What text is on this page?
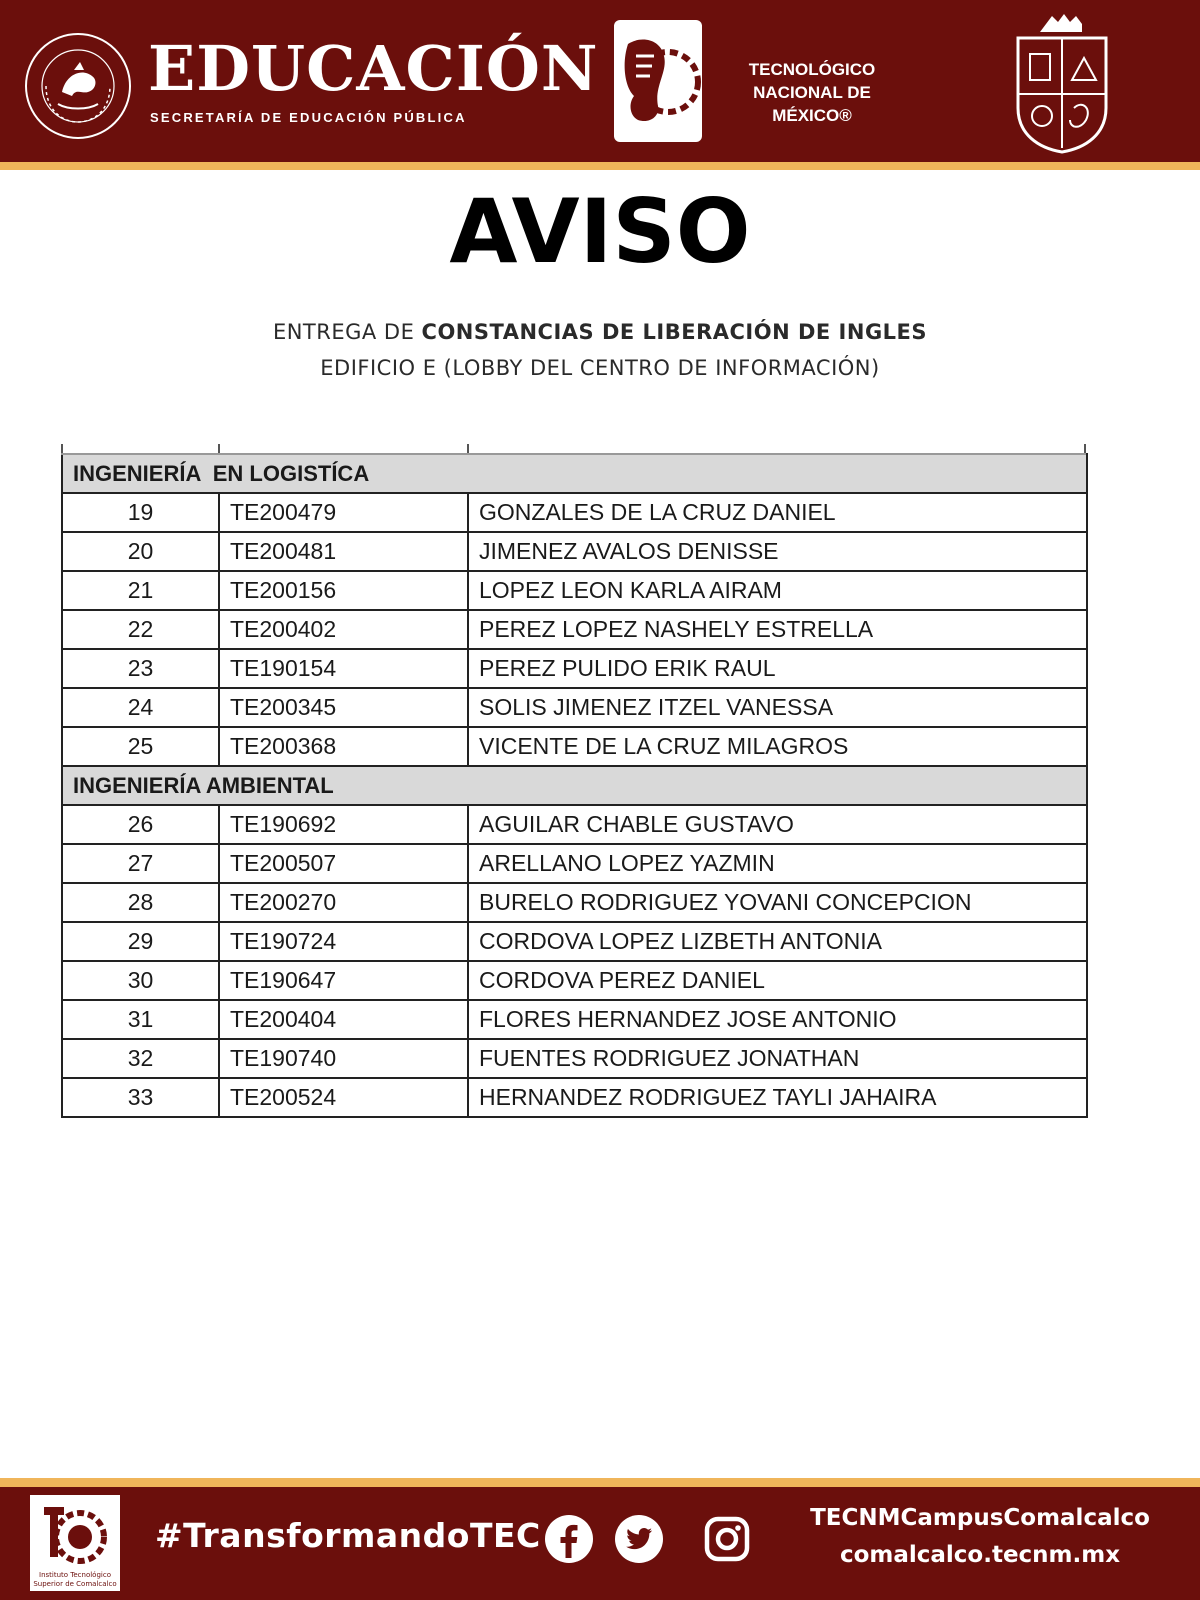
EDUCACIÓN
SECRETARÍA DE EDUCACIÓN PÚBLICA
TECNOLÓGICO
NACIONAL DE MÉXICO®
AVISO
ENTREGA DE CONSTANCIAS DE LIBERACIÓN DE INGLES
EDIFICIO E (LOBBY DEL CENTRO DE INFORMACIÓN)
INGENIERÍA  EN LOGISTÍCA		
19	TE200479	GONZALES DE LA CRUZ DANIEL
20	TE200481	JIMENEZ AVALOS DENISSE
21	TE200156	LOPEZ LEON KARLA AIRAM
22	TE200402	PEREZ LOPEZ NASHELY ESTRELLA
23	TE190154	PEREZ PULIDO ERIK RAUL
24	TE200345	SOLIS JIMENEZ ITZEL VANESSA
25	TE200368	VICENTE DE LA CRUZ MILAGROS
INGENIERÍA AMBIENTAL		
26	TE190692	AGUILAR CHABLE GUSTAVO
27	TE200507	ARELLANO LOPEZ YAZMIN
28	TE200270	BURELO RODRIGUEZ YOVANI CONCEPCION
29	TE190724	CORDOVA LOPEZ LIZBETH ANTONIA
30	TE190647	CORDOVA PEREZ DANIEL
31	TE200404	FLORES HERNANDEZ JOSE ANTONIO
32	TE190740	FUENTES RODRIGUEZ JONATHAN
33	TE200524	HERNANDEZ RODRIGUEZ TAYLI JAHAIRA
Instituto Tecnológico
Superior de Comalcalco
#TransformandoTEC	TECNMCampusComalcalco
comalcalco.tecnm.mx
